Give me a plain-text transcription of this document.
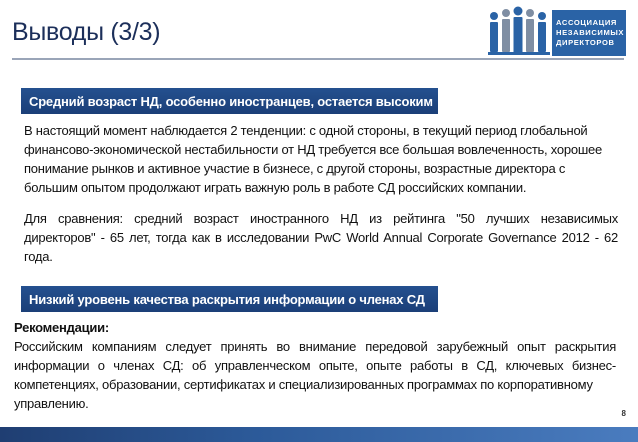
Выводы (3/3)	АССОЦИАЦИЯ
НЕЗАВИСИМЫХ
ДИРЕКТОРОВ
Средний возраст НД, особенно иностранцев, остается высоким
В настоящий момент наблюдается 2 тенденции: с одной стороны, в текущий период глобальной
финансово-экономической нестабильности от НД требуется все большая вовлеченность, хорошее
понимание рынков и активное участие в бизнесе, с другой стороны, возрастные директора с
большим опытом продолжают играть важную роль в работе СД российских компании.
Для сравнения: средний возраст иностранного НД из рейтинга "50 лучших независимых
директоров" - 65 лет, тогда как в исследовании PwC World Annual Corporate Governance 2012 - 62
года.
Низкий уровень качества раскрытия информации о членах СД
Рекомендации:
Российским компаниям следует принять во внимание передовой зарубежный опыт раскрытия
информации о членах СД: об управленческом опыте, опыте работы в СД, ключевых бизнес-
компетенциях, образовании, сертификатах и специализированных программах по корпоративному
управлению.
8
